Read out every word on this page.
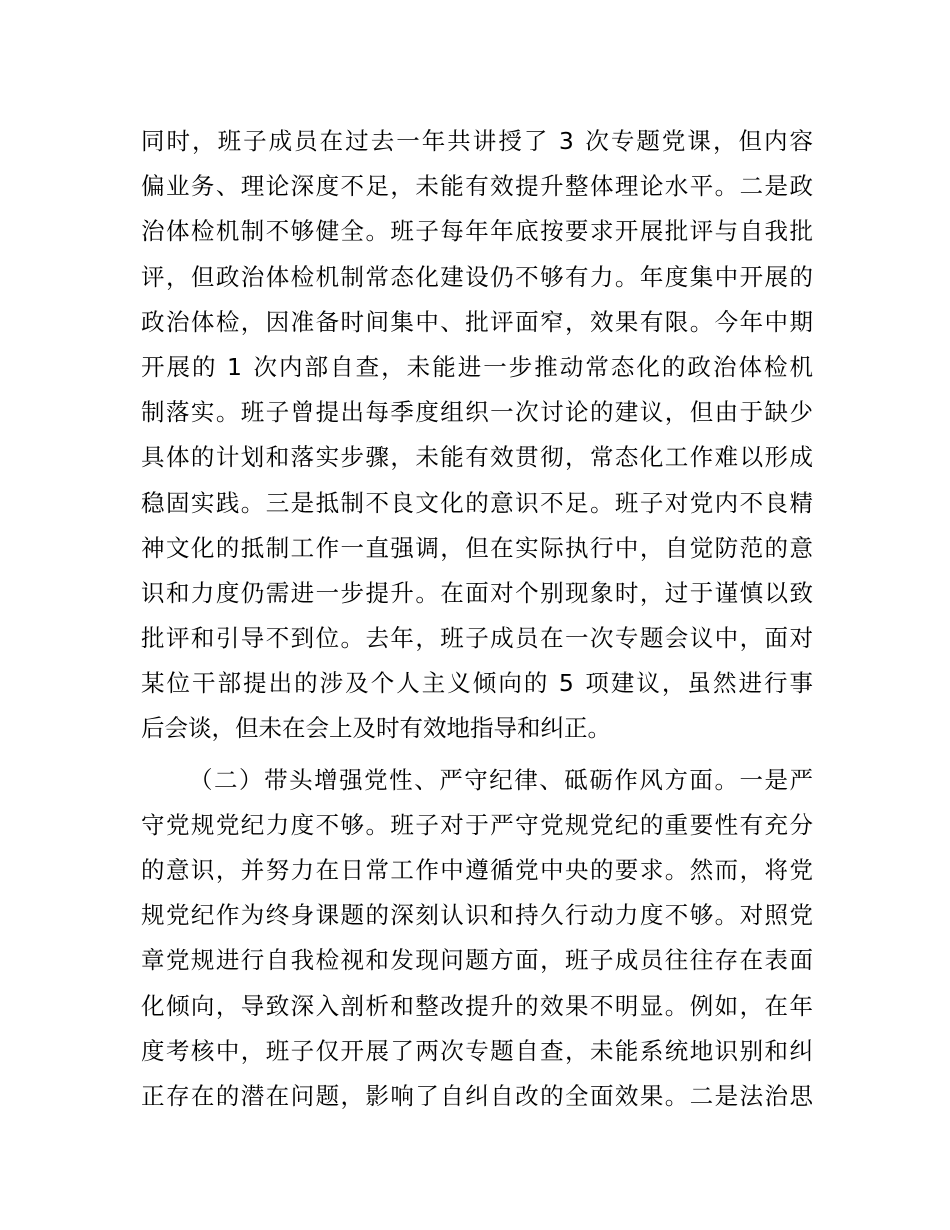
同时，班子成员在过去一年共讲授了 3 次专题党课，但内容
偏业务、理论深度不足，未能有效提升整体理论水平。二是政
治体检机制不够健全。班子每年年底按要求开展批评与自我批
评，但政治体检机制常态化建设仍不够有力。年度集中开展的
政治体检，因准备时间集中、批评面窄，效果有限。今年中期
开展的 1 次内部自查，未能进一步推动常态化的政治体检机
制落实。班子曾提出每季度组织一次讨论的建议，但由于缺少
具体的计划和落实步骤，未能有效贯彻，常态化工作难以形成
稳固实践。三是抵制不良文化的意识不足。班子对党内不良精
神文化的抵制工作一直强调，但在实际执行中，自觉防范的意
识和力度仍需进一步提升。在面对个别现象时，过于谨慎以致
批评和引导不到位。去年，班子成员在一次专题会议中，面对
某位干部提出的涉及个人主义倾向的 5 项建议，虽然进行事
后会谈，但未在会上及时有效地指导和纠正。
（二）带头增强党性、严守纪律、砥砺作风方面。一是严
守党规党纪力度不够。班子对于严守党规党纪的重要性有充分
的意识，并努力在日常工作中遵循党中央的要求。然而，将党
规党纪作为终身课题的深刻认识和持久行动力度不够。对照党
章党规进行自我检视和发现问题方面，班子成员往往存在表面
化倾向，导致深入剖析和整改提升的效果不明显。例如，在年
度考核中，班子仅开展了两次专题自查，未能系统地识别和纠
正存在的潜在问题，影响了自纠自改的全面效果。二是法治思
